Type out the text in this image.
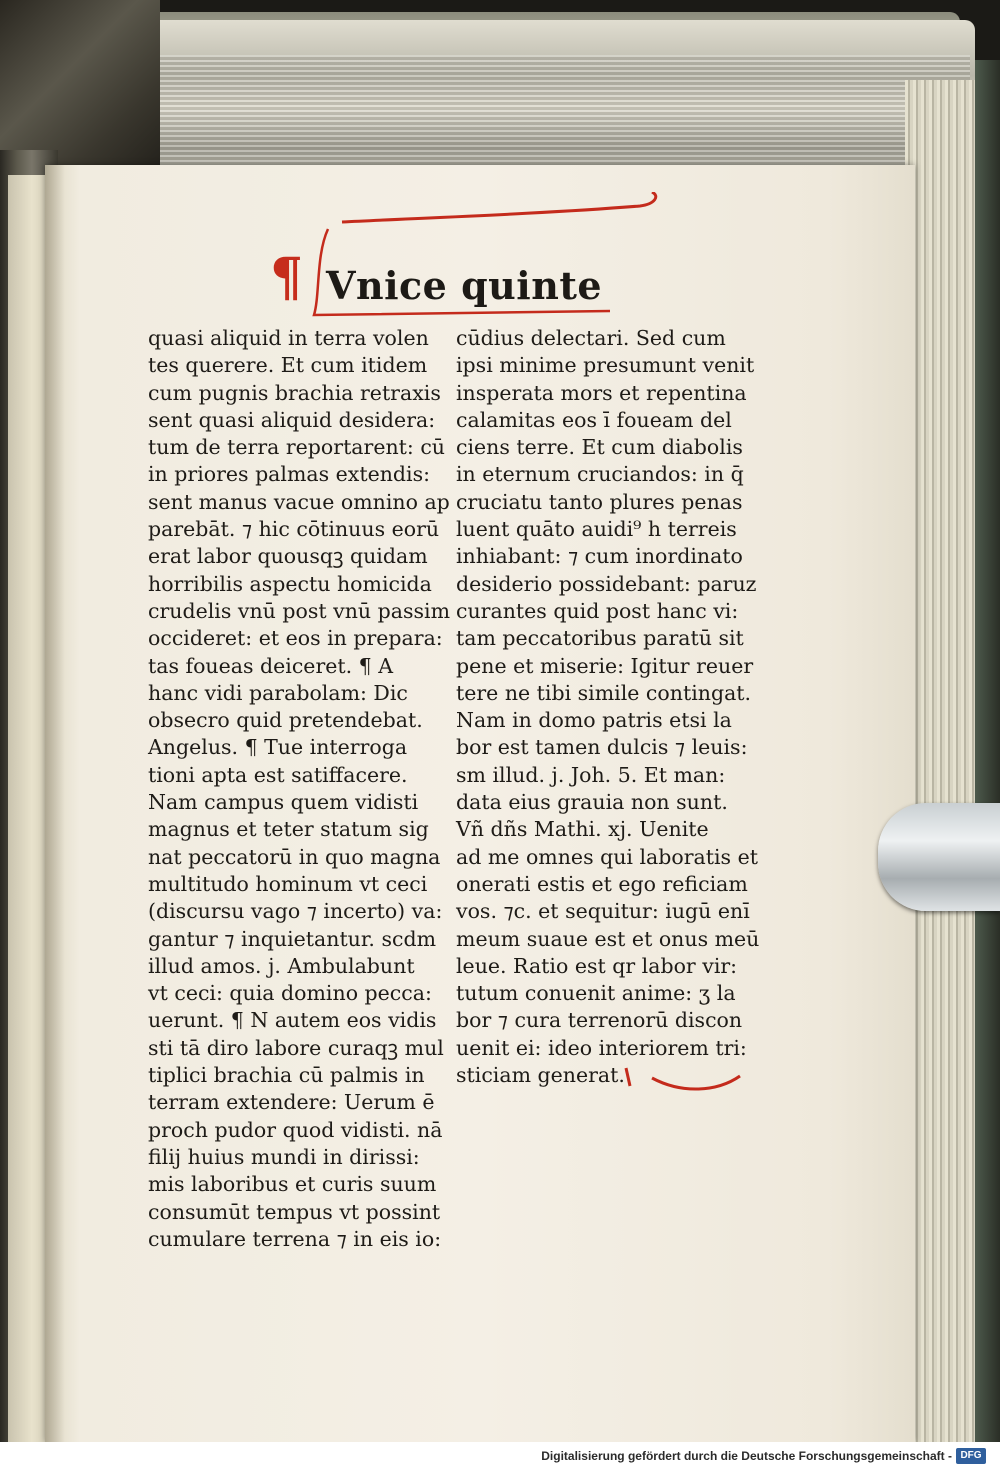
¶ Vnice quinte
quasi aliquid in terra volen
tes querere. Et cum itidem
cum pugnis brachia retraxis
sent quasi aliquid desidera:
tum de terra reportarent: cū
in priores palmas extendis:
sent manus vacue omnino ap
parebāt. ⁊ hic cōtinuus eorū
erat labor quousqꝫ quidam
horribilis aspectu homicida
crudelis vnū post vnū passim
occideret: et eos in prepara:
tas foueas deiceret. ¶ A
hanc vidi parabolam: Dic
obsecro quid pretendebat.
Angelus. ¶ Tue interroga
tioni apta est satiffacere.
Nam campus quem vidisti
magnus et teter statum sig
nat peccatorū in quo magna
multitudo hominum vt ceci
(discursu vago ⁊ incerto) va:
gantur ⁊ inquietantur. scdm
illud amos. j. Ambulabunt
vt ceci: quia domino pecca:
uerunt. ¶ N autem eos vidis
sti tā diro labore curaqꝫ mul
tiplici brachia cū palmis in
terram extendere: Uerum ē
proch pudor quod vidisti. nā
filij huius mundi in dirissi:
mis laboribus et curis suum
consumūt tempus vt possint
cumulare terrena ⁊ in eis io:
cūdius delectari. Sed cum
ipsi minime presumunt venit
insperata mors et repentina
calamitas eos ī foueam del
ciens terre. Et cum diabolis
in eternum cruciandos: in q̄
cruciatu tanto plures penas
luent quāto auidi⁹ h terreis
inhiabant: ⁊ cum inordinato
desiderio possidebant: paruz
curantes quid post hanc vi:
tam peccatoribus paratū sit
pene et miserie: Igitur reuer
tere ne tibi simile contingat.
Nam in domo patris etsi la
bor est tamen dulcis ⁊ leuis:
sm illud. j. Joh. 5. Et man:
data eius grauia non sunt.
Vñ dñs Mathi. xj. Uenite
ad me omnes qui laboratis et
onerati estis et ego reficiam
vos. ⁊c. et sequitur: iugū enī
meum suaue est et onus meū
leue. Ratio est qr labor vir:
tutum conuenit anime: ʒ la
bor ⁊ cura terrenorū discon
uenit ei: ideo interiorem tri:
sticiam generat.
Digitalisierung gefördert durch die Deutsche Forschungsgemeinschaft - DFG
